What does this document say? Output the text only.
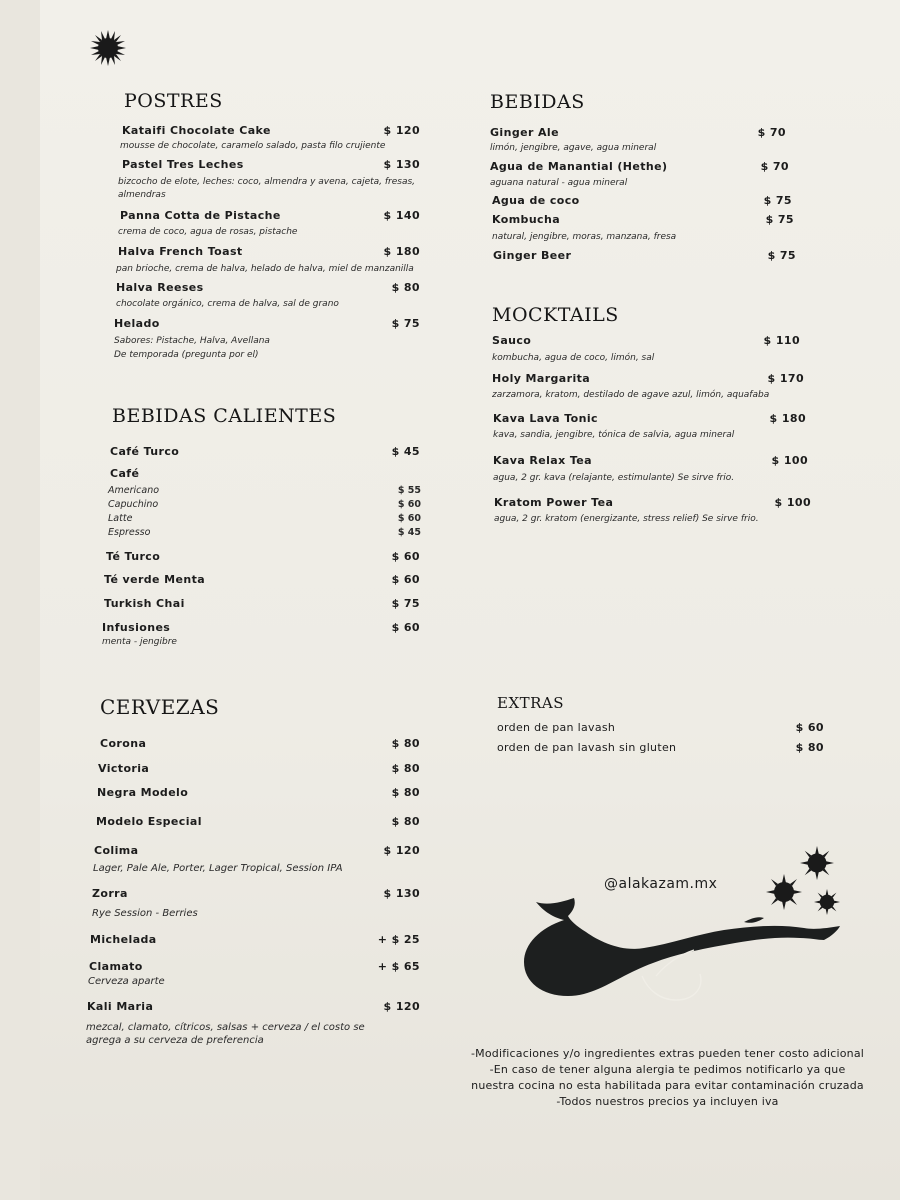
POSTRES
Kataifi Chocolate Cake	$ 120
mousse de chocolate, caramelo salado, pasta filo crujiente
Pastel Tres Leches	$ 130
bizcocho de elote, leches: coco, almendra y avena, cajeta, fresas, almendras
Panna Cotta de Pistache	$ 140
crema de coco, agua de rosas, pistache
Halva French Toast	$ 180
pan brioche, crema de halva, helado de halva, miel de manzanilla
Halva Reeses	$ 80
chocolate orgánico, crema de halva, sal de grano
Helado	$ 75
Sabores: Pistache, Halva, Avellana
De temporada (pregunta por el)
BEBIDAS CALIENTES
Café Turco	$ 45
Café
Americano	$ 55
Capuchino	$ 60
Latte	$ 60
Espresso	$ 45
Té Turco	$ 60
Té verde Menta	$ 60
Turkish Chai	$ 75
Infusiones	$ 60
menta - jengibre
CERVEZAS
Corona	$ 80
Victoria	$ 80
Negra Modelo	$ 80
Modelo Especial	$ 80
Colima	$ 120
Lager, Pale Ale, Porter, Lager Tropical, Session IPA
Zorra	$ 130
Rye Session - Berries
Michelada	+ $ 25
Clamato	+ $ 65
Cerveza aparte
Kali Maria	$ 120
mezcal, clamato, cítricos, salsas + cerveza / el costo se agrega a su cerveza de preferencia
BEBIDAS
Ginger Ale	$ 70
limón, jengibre, agave, agua mineral
Agua de Manantial (Hethe)	$ 70
aguana natural - agua mineral
Agua de coco	$ 75
Kombucha	$ 75
natural, jengibre, moras, manzana, fresa
Ginger Beer	$ 75
MOCKTAILS
Sauco	$ 110
kombucha, agua de coco, limón, sal
Holy Margarita	$ 170
zarzamora, kratom, destilado de agave azul, limón, aquafaba
Kava Lava Tonic	$ 180
kava, sandia, jengibre, tónica de salvia, agua mineral
Kava Relax Tea	$ 100
agua, 2 gr. kava (relajante, estimulante) Se sirve frio.
Kratom Power Tea	$ 100
agua, 2 gr. kratom (energizante, stress relief) Se sirve frio.
EXTRAS
orden de pan lavash	$ 60
orden de pan lavash sin gluten	$ 80
@alakazam.mx
-Modificaciones y/o ingredientes extras pueden tener costo adicional
-En caso de tener alguna alergia te pedimos notificarlo ya que
nuestra cocina no esta habilitada para evitar contaminación cruzada
-Todos nuestros precios ya incluyen iva
